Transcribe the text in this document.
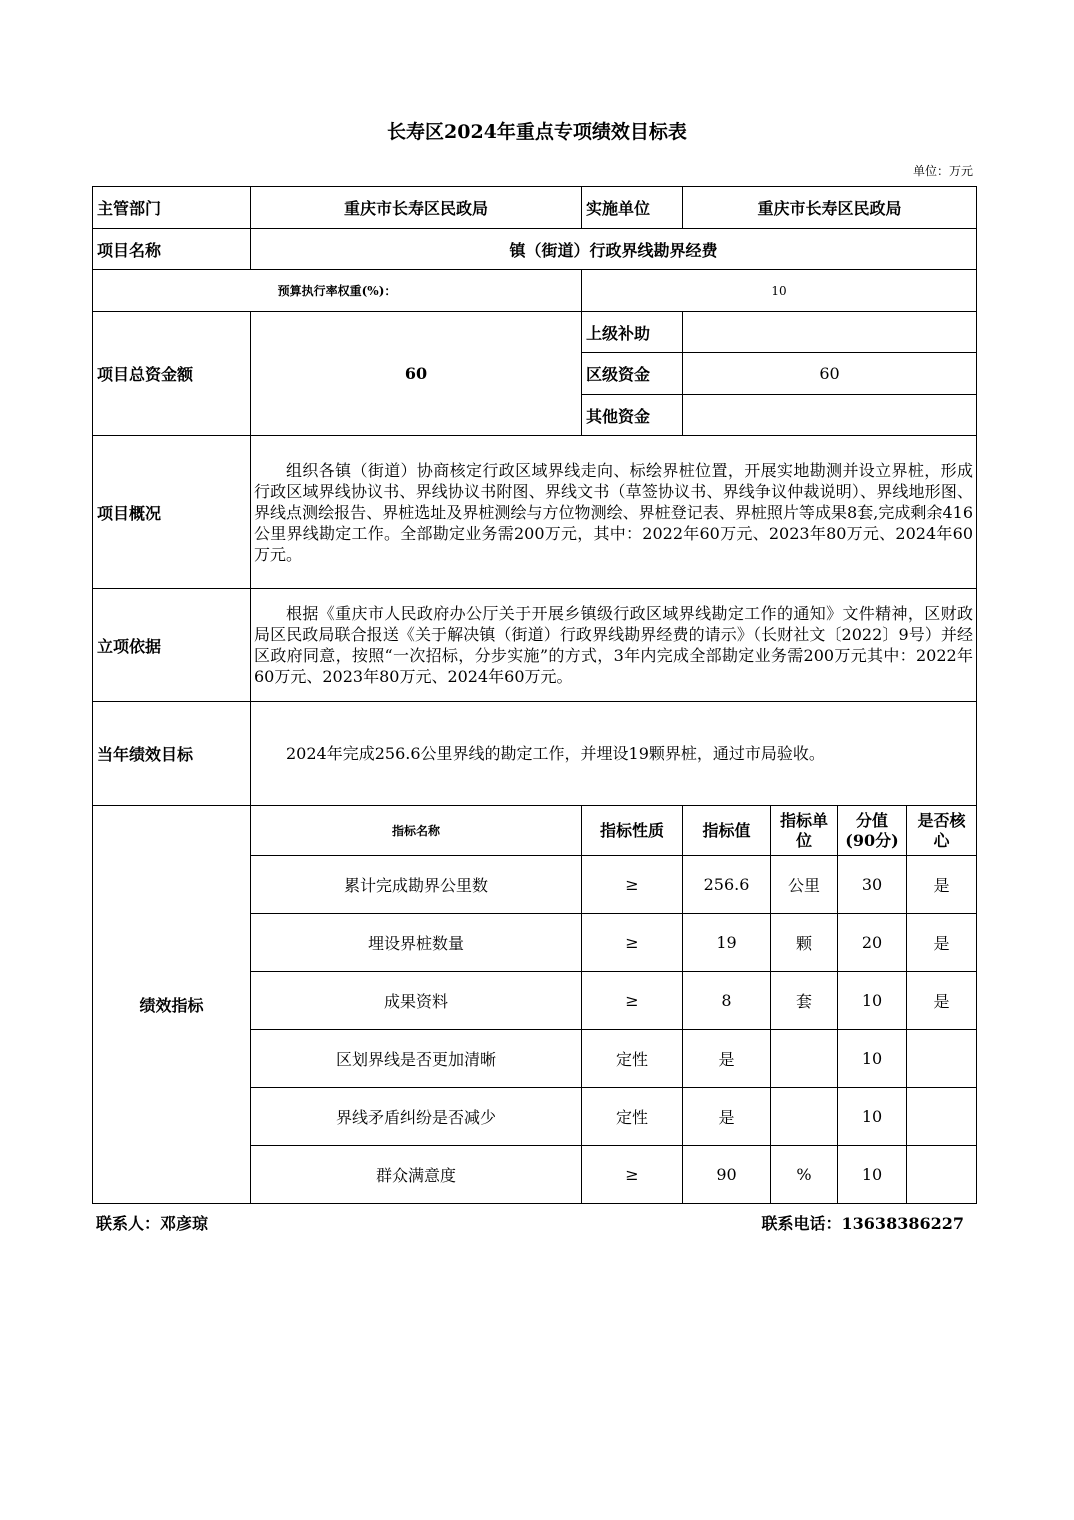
长寿区2024年重点专项绩效目标表
单位：万元
主管部门	重庆市长寿区民政局	实施单位	重庆市长寿区民政局			
项目名称	镇（街道）行政界线勘界经费					
预算执行率权重(%)：		10				
项目总资金额	60	上级补助				
		区级资金	60			
		其他资金				
项目概况	组织各镇（街道）协商核定行政区域界线走向、标绘界桩位置，开展实地勘测并设立界桩，形成行政区域界线协议书、界线协议书附图、界线文书（草签协议书、界线争议仲裁说明）、界线地形图、界线点测绘报告、界桩选址及界桩测绘与方位物测绘、界桩登记表、界桩照片等成果8套,完成剩余416公里界线勘定工作。全部勘定业务需200万元，其中：2022年60万元、2023年80万元、2024年60万元。					
立项依据	根据《重庆市人民政府办公厅关于开展乡镇级行政区域界线勘定工作的通知》文件精神，区财政局区民政局联合报送《关于解决镇（街道）行政界线勘界经费的请示》（长财社文〔2022〕9号）并经区政府同意，按照“一次招标，分步实施”的方式，3年内完成全部勘定业务需200万元其中：2022年60万元、2023年80万元、2024年60万元。					
当年绩效目标	2024年完成256.6公里界线的勘定工作，并埋设19颗界桩，通过市局验收。					
绩效指标	指标名称	指标性质	指标值	指标单位	分值(90分)	是否核心
	累计完成勘界公里数	≥	256.6	公里	30	是
	埋设界桩数量	≥	19	颗	20	是
	成果资料	≥	8	套	10	是
	区划界线是否更加清晰	定性	是		10	
	界线矛盾纠纷是否减少	定性	是		10	
	群众满意度	≥	90	%	10	
联系人：邓彦琼	联系电话：13638386227
